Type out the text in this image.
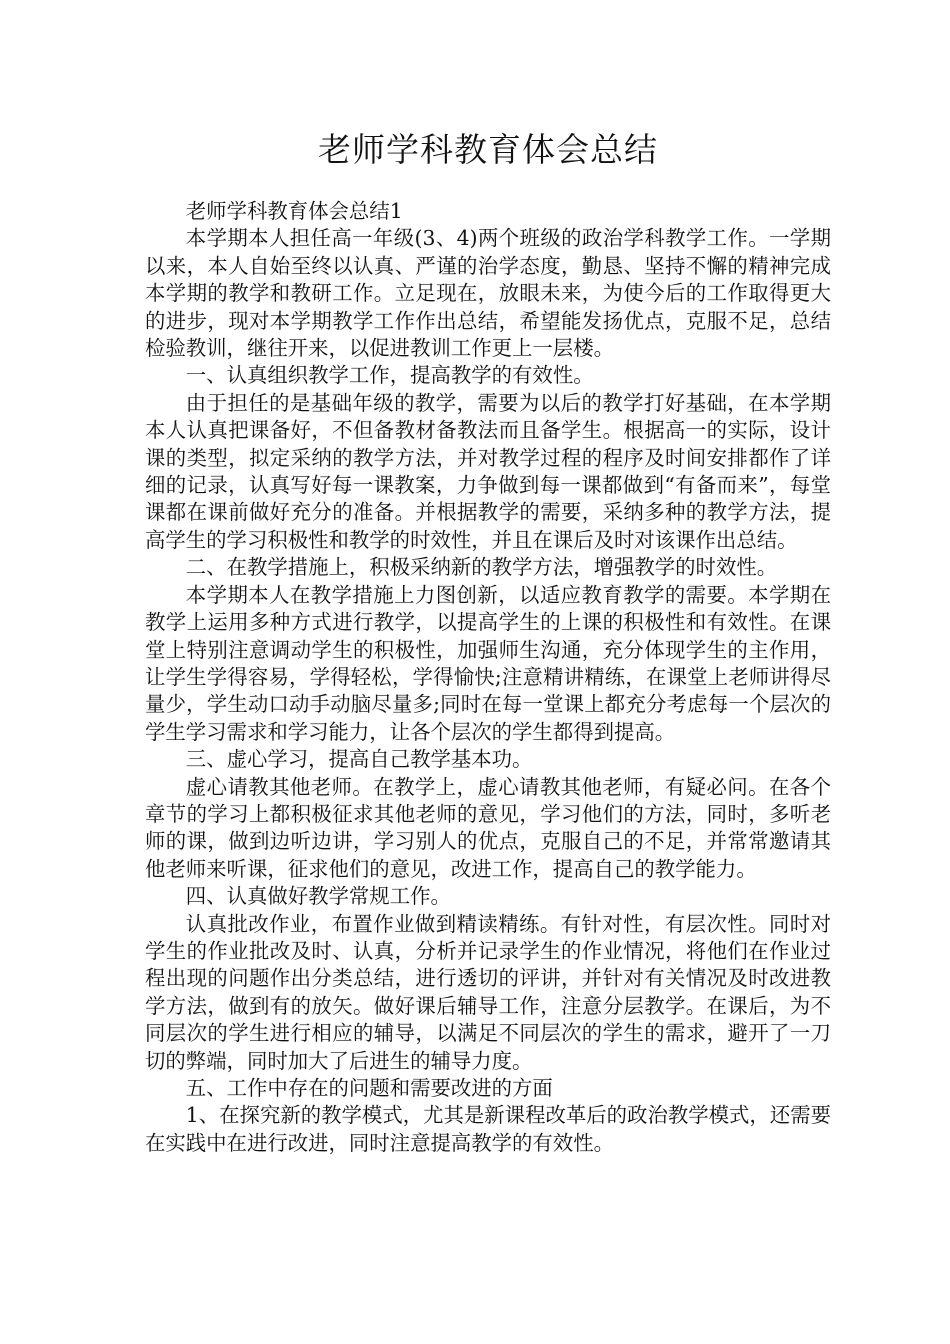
老师学科教育体会总结

老师学科教育体会总结1

本学期本人担任高一年级(3、4)两个班级的政治学科教学工作。一学期以来，本人自始至终以认真、严谨的治学态度，勤恳、坚持不懈的精神完成本学期的教学和教研工作。立足现在，放眼未来，为使今后的工作取得更大的进步，现对本学期教学工作作出总结，希望能发扬优点，克服不足，总结检验教训，继往开来，以促进教训工作更上一层楼。

一、认真组织教学工作，提高教学的有效性。

由于担任的是基础年级的教学，需要为以后的教学打好基础，在本学期本人认真把课备好，不但备教材备教法而且备学生。根据高一的实际，设计课的类型，拟定采纳的教学方法，并对教学过程的程序及时间安排都作了详细的记录，认真写好每一课教案，力争做到每一课都做到“有备而来”，每堂课都在课前做好充分的准备。并根据教学的需要，采纳多种的教学方法，提高学生的学习积极性和教学的时效性，并且在课后及时对该课作出总结。

二、在教学措施上，积极采纳新的教学方法，增强教学的时效性。

本学期本人在教学措施上力图创新，以适应教育教学的需要。本学期在教学上运用多种方式进行教学，以提高学生的上课的积极性和有效性。在课堂上特别注意调动学生的积极性，加强师生沟通，充分体现学生的主作用，让学生学得容易，学得轻松，学得愉快;注意精讲精练，在课堂上老师讲得尽量少，学生动口动手动脑尽量多;同时在每一堂课上都充分考虑每一个层次的学生学习需求和学习能力，让各个层次的学生都得到提高。

三、虚心学习，提高自己教学基本功。

虚心请教其他老师。在教学上，虚心请教其他老师，有疑必问。在各个章节的学习上都积极征求其他老师的意见，学习他们的方法，同时，多听老师的课，做到边听边讲，学习别人的优点，克服自己的不足，并常常邀请其他老师来听课，征求他们的意见，改进工作，提高自己的教学能力。

四、认真做好教学常规工作。

认真批改作业，布置作业做到精读精练。有针对性，有层次性。同时对学生的作业批改及时、认真，分析并记录学生的作业情况，将他们在作业过程出现的问题作出分类总结，进行透切的评讲，并针对有关情况及时改进教学方法，做到有的放矢。做好课后辅导工作，注意分层教学。在课后，为不同层次的学生进行相应的辅导，以满足不同层次的学生的需求，避开了一刀切的弊端，同时加大了后进生的辅导力度。

五、工作中存在的问题和需要改进的方面

1、在探究新的教学模式，尤其是新课程改革后的政治教学模式，还需要在实践中在进行改进，同时注意提高教学的有效性。
